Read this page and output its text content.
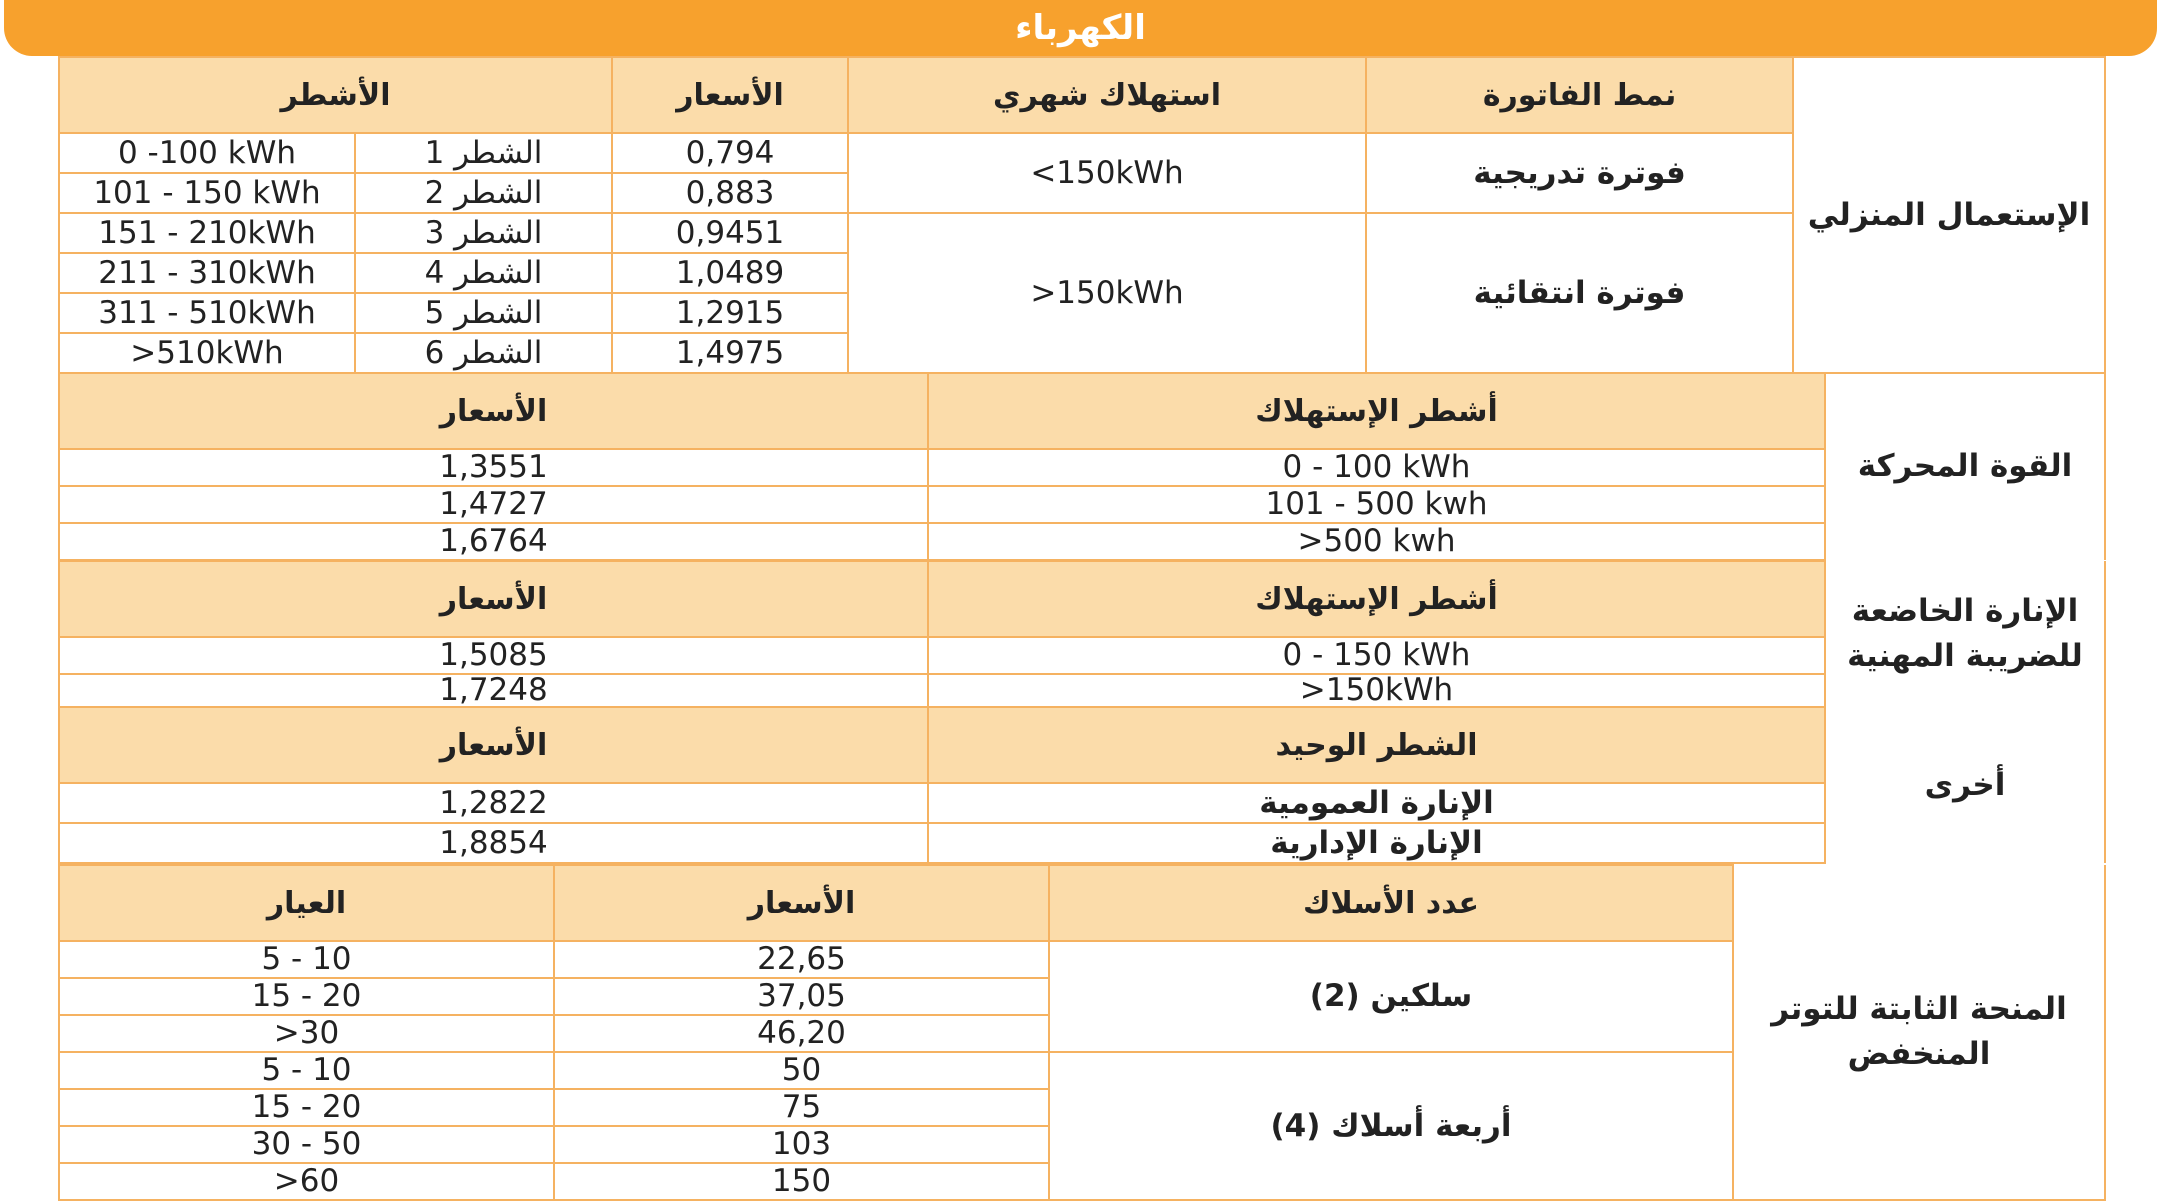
الكهرباء
الأشطر		الأسعار	استهلاك شهري	نمط الفاتورة	الإستعمال المنزلي
0 -100 kWh	الشطر 1	0,794	<150kWh	فوترة تدريجية	
101 - 150 kWh	الشطر 2	0,883			
151 - 210kWh	الشطر 3	0,9451	>150kWh	فوترة انتقائية	
211 - 310kWh	الشطر 4	1,0489			
311 - 510kWh	الشطر 5	1,2915			
>510kWh	الشطر 6	1,4975			
الأسعار	أشطر الإستهلاك	القوة المحركة
1,3551	0 - 100 kWh	
1,4727	101 - 500 kwh	
1,6764	>500 kwh	
الأسعار	أشطر الإستهلاك	الإنارة الخاضعة
للضريبة المهنية

1,5085	0 - 150 kWh	
1,7248	>150kWh	
الأسعار	الشطر الوحيد	أخرى
1,2822	الإنارة العمومية	
1,8854	الإنارة الإدارية	
العيار	الأسعار	عدد الأسلاك	المنحة الثابتة للتوتر
المنخفض

5 - 10	22,65	(2) سلكين	
15 - 20	37,05		
>30	46,20		
5 - 10	50	(4) أربعة أسلاك	
15 - 20	75		
30 - 50	103		
>60	150		
